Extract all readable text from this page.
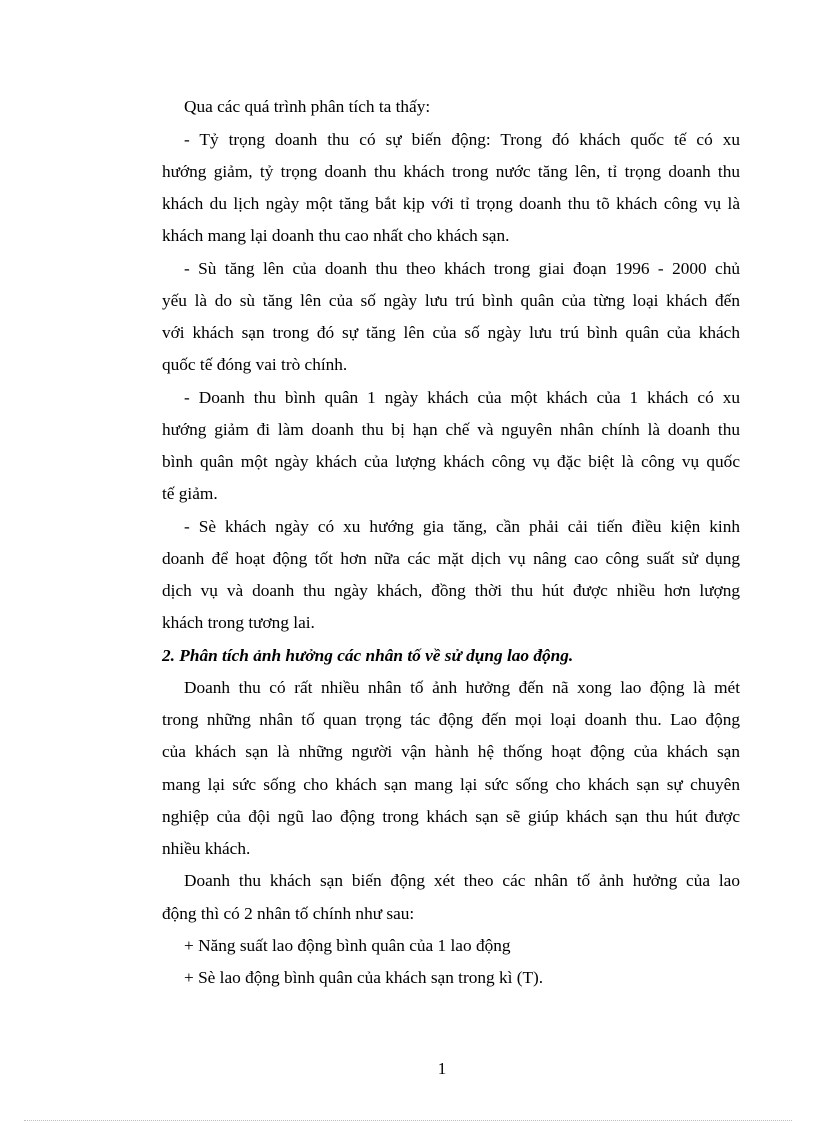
Qua các quá trình phân tích ta thấy:
- Tỷ trọng doanh thu có sự biến động: Trong đó khách quốc tế có xu
hướng giảm, tỷ trọng doanh thu khách trong nước tăng lên, tỉ trọng doanh thu
khách du lịch ngày một tăng bắt kịp với tỉ trọng doanh thu tõ khách công vụ là
khách mang lại doanh thu cao nhất cho khách sạn.
- Sù tăng lên của doanh thu theo khách trong giai đoạn 1996 - 2000 chủ
yếu là do sù tăng lên của số ngày lưu trú bình quân của từng loại khách đến
với khách sạn trong đó sự tăng lên của số ngày lưu trú bình quân của khách
quốc tế đóng vai trò chính.
- Doanh thu bình quân 1 ngày khách của một khách của 1 khách có xu
hướng giảm đi làm doanh thu bị hạn chế và nguyên nhân chính là doanh thu
bình quân một ngày khách của lượng khách công vụ đặc biệt là công vụ quốc
tế giảm.
- Sè khách ngày có xu hướng gia tăng, cần phải cải tiến điều kiện kinh
doanh để hoạt động tốt hơn nữa các mặt dịch vụ nâng cao công suất sử dụng
dịch vụ và doanh thu ngày khách, đồng thời thu hút được nhiều hơn lượng
khách trong tương lai.
2. Phân tích ảnh hưởng các nhân tố về sử dụng lao động.
Doanh thu có rất nhiều nhân tố ảnh hưởng đến nã xong lao động là mét
trong những nhân tố quan trọng tác động đến mọi loại doanh thu. Lao động
của khách sạn là những người vận hành hệ thống hoạt động của khách sạn
mang lại sức sống cho khách sạn mang lại sức sống cho khách sạn sự chuyên
nghiệp của đội ngũ lao động trong khách sạn sẽ giúp khách sạn thu hút được
nhiều khách.
Doanh thu khách sạn biến động xét theo các nhân tố ảnh hưởng của lao
động thì có 2 nhân tố chính như sau:
+ Năng suất lao động bình quân của 1 lao động
+ Sè lao động bình quân của khách sạn trong kì (T).
1
